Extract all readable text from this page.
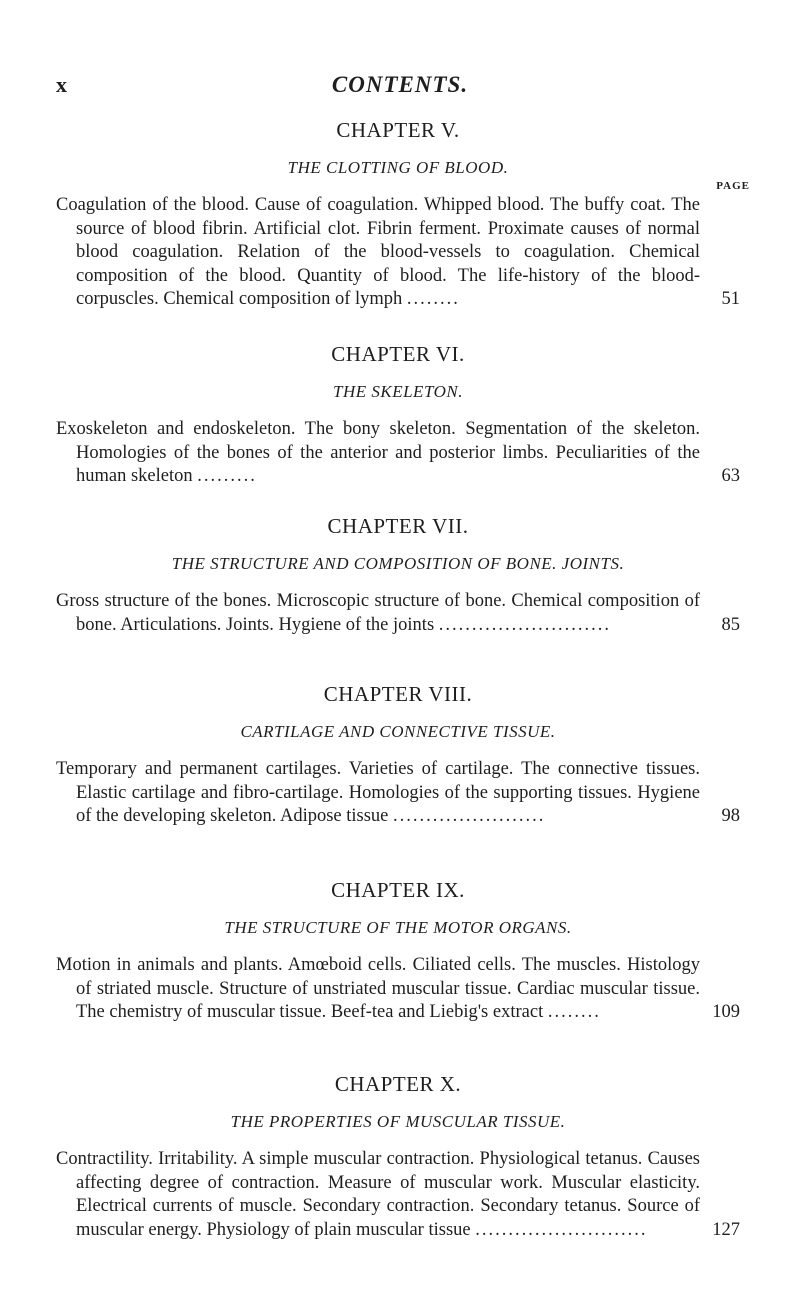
x	CONTENTS.
CHAPTER V.
THE CLOTTING OF BLOOD.
PAGE
Coagulation of the blood. Cause of coagulation. Whipped blood. The buffy coat. The source of blood fibrin. Artificial clot. Fibrin ferment. Proximate causes of normal blood coagulation. Relation of the blood-vessels to coagulation. Chemical composition of the blood. Quantity of blood. The life-history of the blood-corpuscles. Chemical composition of lymph ........	51
CHAPTER VI.
THE SKELETON.
Exoskeleton and endoskeleton. The bony skeleton. Segmentation of the skeleton. Homologies of the bones of the anterior and posterior limbs. Peculiarities of the human skeleton .........	63
CHAPTER VII.
THE STRUCTURE AND COMPOSITION OF BONE. JOINTS.
Gross structure of the bones. Microscopic structure of bone. Chemical composition of bone. Articulations. Joints. Hygiene of the joints ..........................	85
CHAPTER VIII.
CARTILAGE AND CONNECTIVE TISSUE.
Temporary and permanent cartilages. Varieties of cartilage. The connective tissues. Elastic cartilage and fibro-cartilage. Homologies of the supporting tissues. Hygiene of the developing skeleton. Adipose tissue .......................	98
CHAPTER IX.
THE STRUCTURE OF THE MOTOR ORGANS.
Motion in animals and plants. Amœboid cells. Ciliated cells. The muscles. Histology of striated muscle. Structure of unstriated muscular tissue. Cardiac muscular tissue. The chemistry of muscular tissue. Beef-tea and Liebig's extract ........	109
CHAPTER X.
THE PROPERTIES OF MUSCULAR TISSUE.
Contractility. Irritability. A simple muscular contraction. Physiological tetanus. Causes affecting degree of contraction. Measure of muscular work. Muscular elasticity. Electrical currents of muscle. Secondary contraction. Secondary tetanus. Source of muscular energy. Physiology of plain muscular tissue ..........................	127
